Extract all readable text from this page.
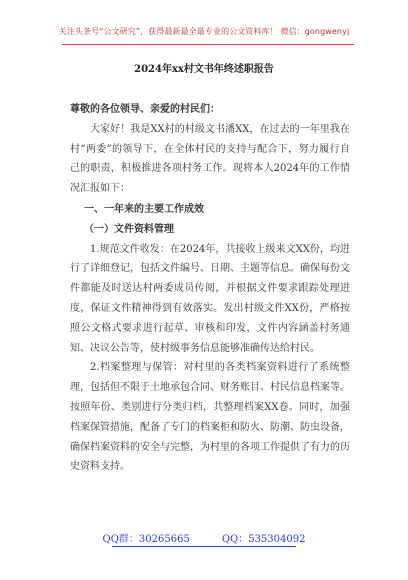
关注头条号“公文研究”，获得最新最全最专业的公文资料库！ 微信：gongwenyj
2024年xx村文书年终述职报告

尊敬的各位领导、亲爱的村民们：

大家好！我是XX村的村级文书潘XX，在过去的一年里我在村“两委”的领导下，在全体村民的支持与配合下，努力履行自己的职责，积极推进各项村务工作。现将本人2024年的工作情况汇报如下：

一、一年来的主要工作成效

（一）文件资料管理

1.规范文件收发：在2024年，共接收上级来文XX份，均进行了详细登记，包括文件编号、日期、主题等信息。确保每份文件都能及时送达村两委成员传阅，并根据文件要求跟踪处理进度，保证文件精神得到有效落实。发出村级文件XX份，严格按照公文格式要求进行起草、审核和印发，文件内容涵盖村务通知、决议公告等，使村级事务信息能够准确传达给村民。

2.档案整理与保管：对村里的各类档案资料进行了系统整理，包括但不限于土地承包合同、财务账目、村民信息档案等。按照年份、类别进行分类归档，共整理档案XX卷。同时，加强档案保管措施，配备了专门的档案柜和防火、防潮、防虫设备，确保档案资料的安全与完整，为村里的各项工作提供了有力的历史资料支持。

QQ群：30265665	QQ：535304092
